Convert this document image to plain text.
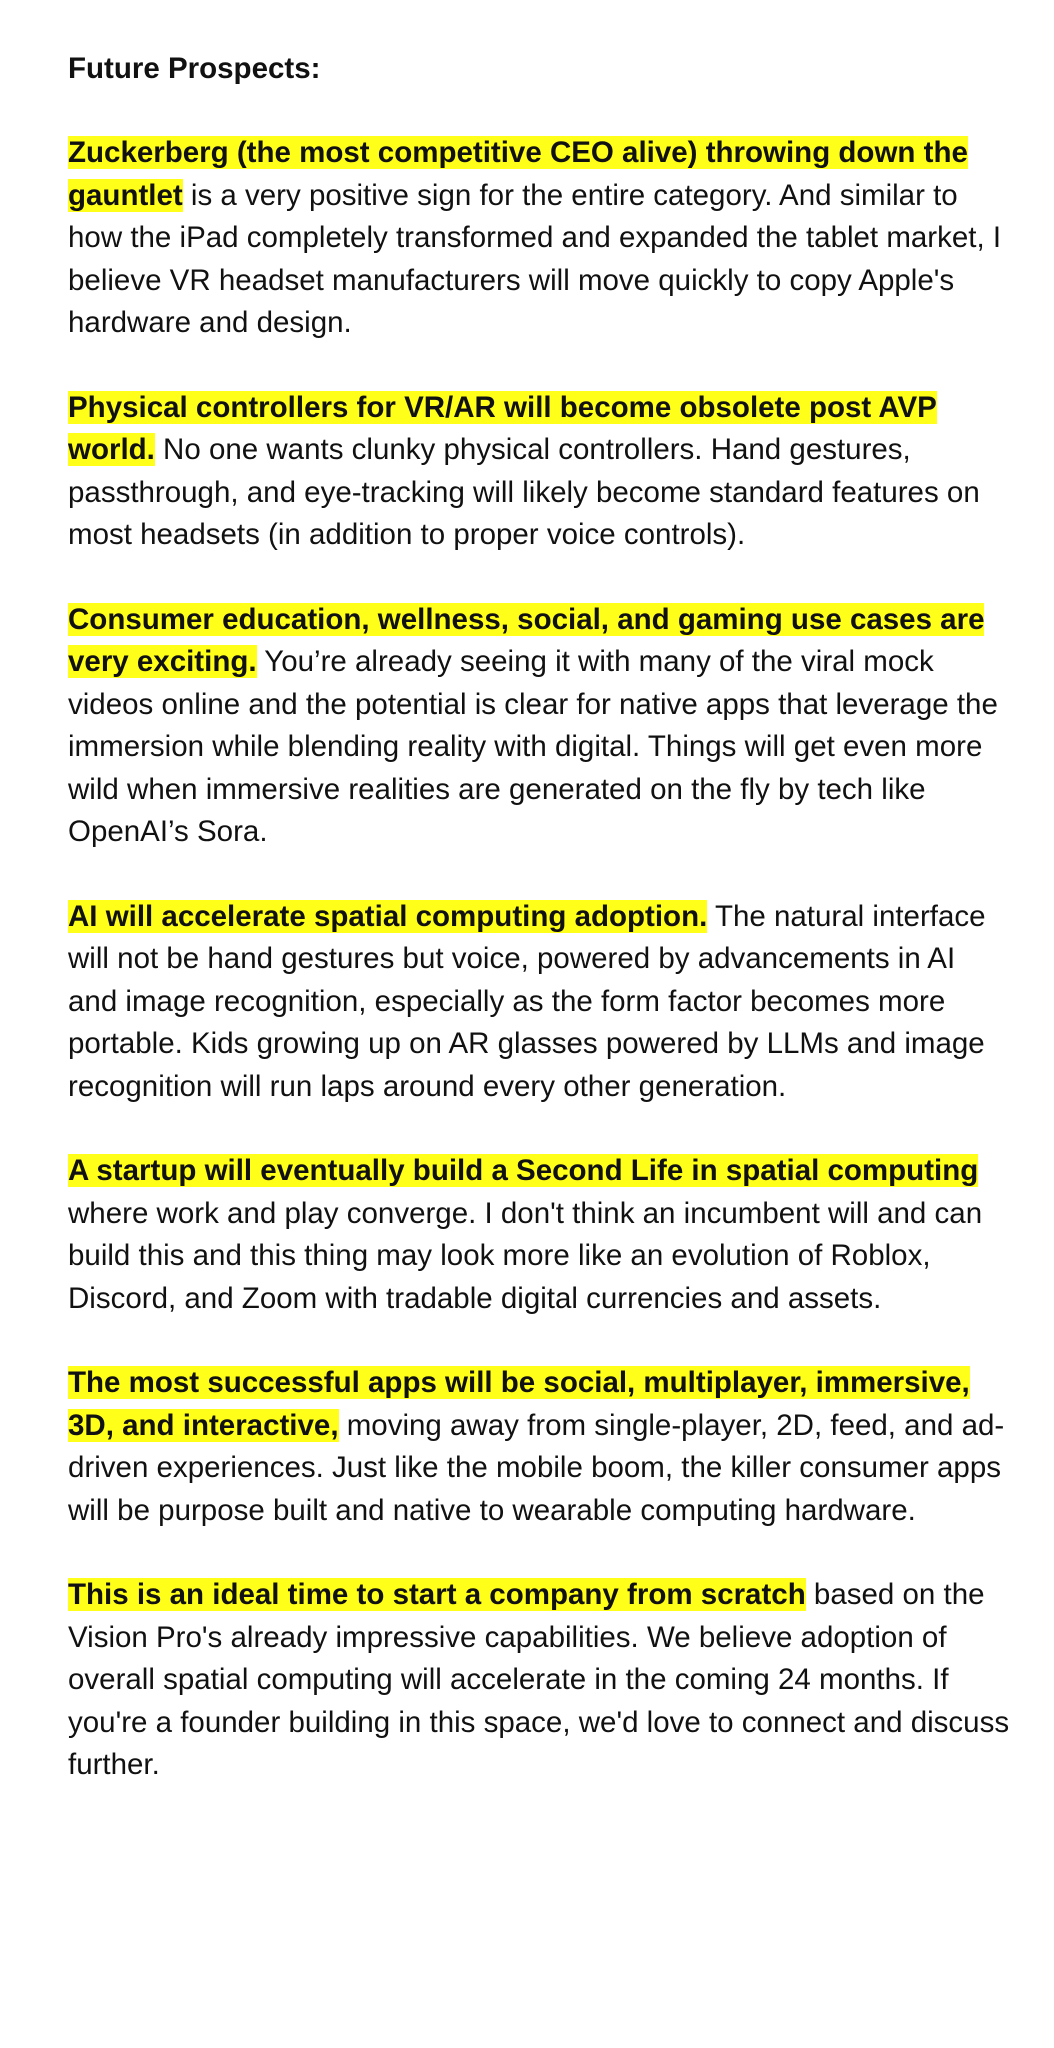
Future Prospects:

Zuckerberg (the most competitive CEO alive) throwing down the gauntlet is a very positive sign for the entire category. And similar to how the iPad completely transformed and expanded the tablet market, I believe VR headset manufacturers will move quickly to copy Apple's hardware and design.

Physical controllers for VR/AR will become obsolete post AVP world. No one wants clunky physical controllers. Hand gestures, passthrough, and eye-tracking will likely become standard features on most headsets (in addition to proper voice controls).

Consumer education, wellness, social, and gaming use cases are very exciting. You’re already seeing it with many of the viral mock videos online and the potential is clear for native apps that leverage the immersion while blending reality with digital. Things will get even more wild when immersive realities are generated on the fly by tech like OpenAI’s Sora.

AI will accelerate spatial computing adoption. The natural interface will not be hand gestures but voice, powered by advancements in AI and image recognition, especially as the form factor becomes more portable. Kids growing up on AR glasses powered by LLMs and image recognition will run laps around every other generation.

A startup will eventually build a Second Life in spatial computing where work and play converge. I don't think an incumbent will and can build this and this thing may look more like an evolution of Roblox, Discord, and Zoom with tradable digital currencies and assets.

The most successful apps will be social, multiplayer, immersive, 3D, and interactive, moving away from single-player, 2D, feed, and ad-driven experiences. Just like the mobile boom, the killer consumer apps will be purpose built and native to wearable computing hardware.

This is an ideal time to start a company from scratch based on the Vision Pro's already impressive capabilities. We believe adoption of overall spatial computing will accelerate in the coming 24 months. If you're a founder building in this space, we'd love to connect and discuss further.
